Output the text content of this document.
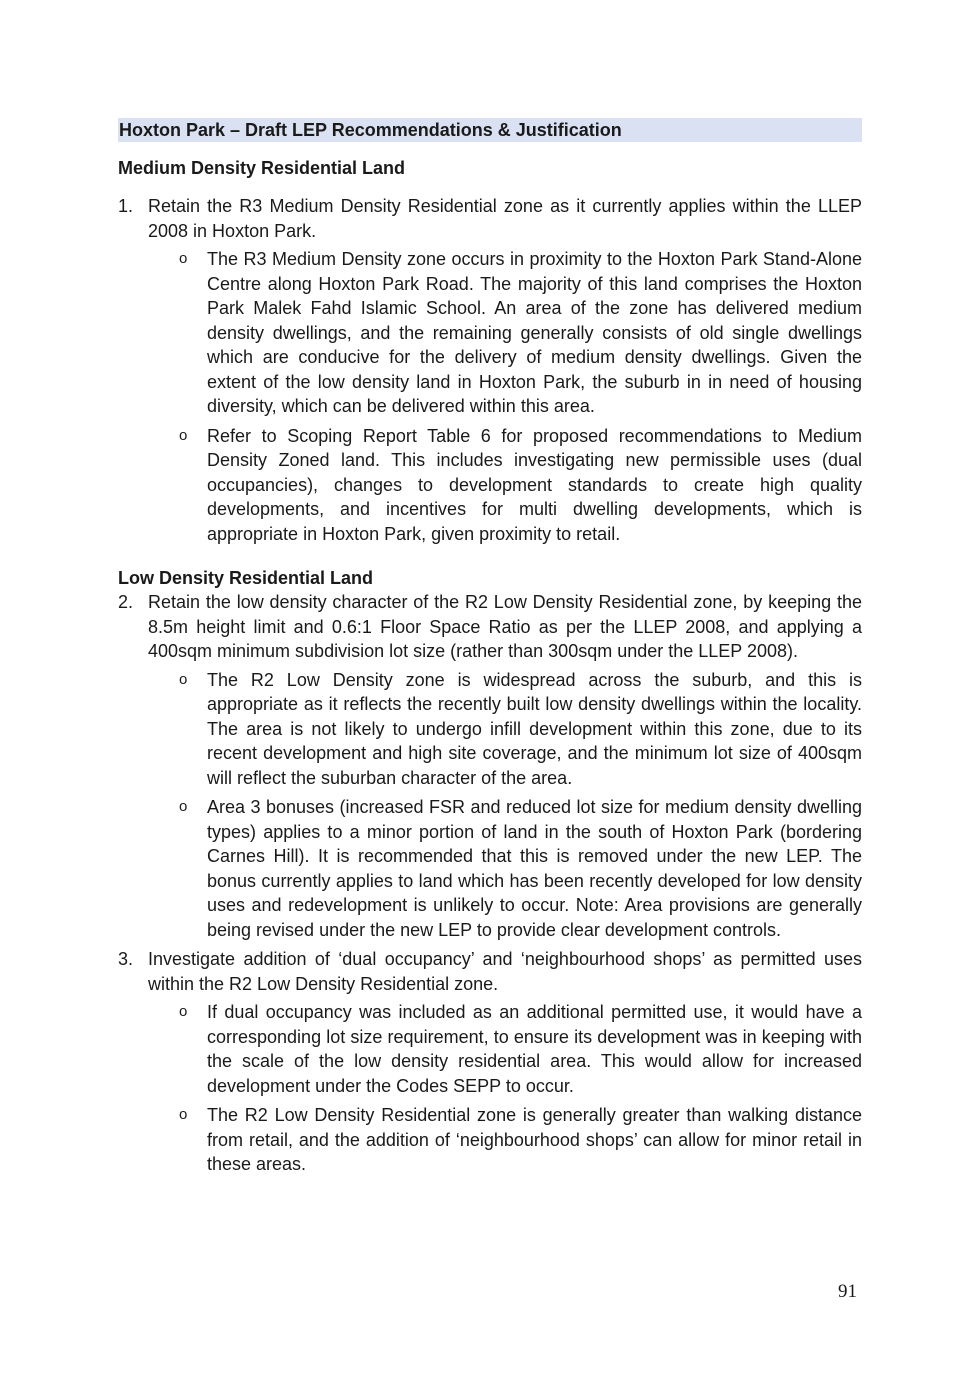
Hoxton Park – Draft LEP Recommendations & Justification
Medium Density Residential Land
1. Retain the R3 Medium Density Residential zone as it currently applies within the LLEP 2008 in Hoxton Park.
o The R3 Medium Density zone occurs in proximity to the Hoxton Park Stand-Alone Centre along Hoxton Park Road. The majority of this land comprises the Hoxton Park Malek Fahd Islamic School. An area of the zone has delivered medium density dwellings, and the remaining generally consists of old single dwellings which are conducive for the delivery of medium density dwellings. Given the extent of the low density land in Hoxton Park, the suburb in in need of housing diversity, which can be delivered within this area.
o Refer to Scoping Report Table 6 for proposed recommendations to Medium Density Zoned land. This includes investigating new permissible uses (dual occupancies), changes to development standards to create high quality developments, and incentives for multi dwelling developments, which is appropriate in Hoxton Park, given proximity to retail.
Low Density Residential Land
2. Retain the low density character of the R2 Low Density Residential zone, by keeping the 8.5m height limit and 0.6:1 Floor Space Ratio as per the LLEP 2008, and applying a 400sqm minimum subdivision lot size (rather than 300sqm under the LLEP 2008).
o The R2 Low Density zone is widespread across the suburb, and this is appropriate as it reflects the recently built low density dwellings within the locality. The area is not likely to undergo infill development within this zone, due to its recent development and high site coverage, and the minimum lot size of 400sqm will reflect the suburban character of the area.
o Area 3 bonuses (increased FSR and reduced lot size for medium density dwelling types) applies to a minor portion of land in the south of Hoxton Park (bordering Carnes Hill). It is recommended that this is removed under the new LEP. The bonus currently applies to land which has been recently developed for low density uses and redevelopment is unlikely to occur. Note: Area provisions are generally being revised under the new LEP to provide clear development controls.
3. Investigate addition of ‘dual occupancy’ and ‘neighbourhood shops’ as permitted uses within the R2 Low Density Residential zone.
o If dual occupancy was included as an additional permitted use, it would have a corresponding lot size requirement, to ensure its development was in keeping with the scale of the low density residential area. This would allow for increased development under the Codes SEPP to occur.
o The R2 Low Density Residential zone is generally greater than walking distance from retail, and the addition of ‘neighbourhood shops’ can allow for minor retail in these areas.
91
